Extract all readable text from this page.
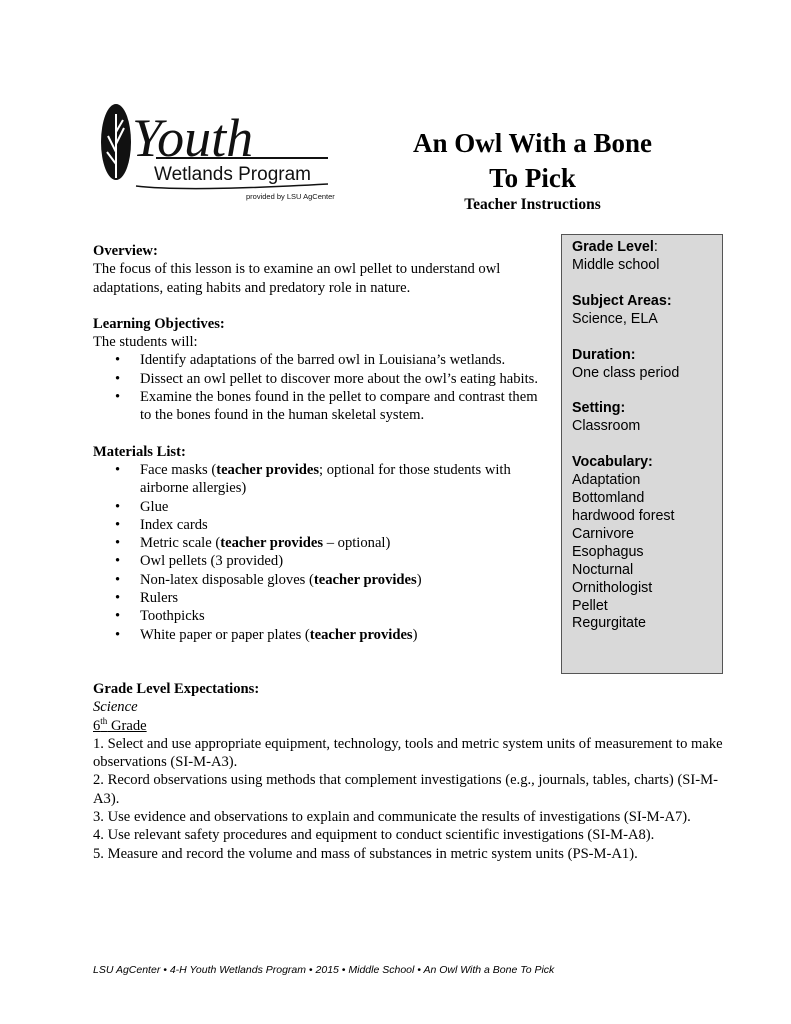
Youth
Wetlands Program
provided by LSU AgCenter
An Owl With a Bone
To Pick
Teacher Instructions
Grade Level:
Middle school
Subject Areas:
Science, ELA
Duration:
One class period
Setting:
Classroom
Vocabulary:
Adaptation
Bottomland
hardwood forest
Carnivore
Esophagus
Nocturnal
Ornithologist
Pellet
Regurgitate
Overview:
The focus of this lesson is to examine an owl pellet to understand owl adaptations, eating habits and predatory role in nature.
Learning Objectives:
The students will:
• Identify adaptations of the barred owl in Louisiana’s wetlands.
• Dissect an owl pellet to discover more about the owl’s eating habits.
• Examine the bones found in the pellet to compare and contrast them to the bones found in the human skeletal system.
Materials List:
• Face masks (teacher provides; optional for those students with airborne allergies)
• Glue
• Index cards
• Metric scale (teacher provides – optional)
• Owl pellets (3 provided)
• Non-latex disposable gloves (teacher provides)
• Rulers
• Toothpicks
• White paper or paper plates (teacher provides)
Grade Level Expectations:
Science
6th Grade
1. Select and use appropriate equipment, technology, tools and metric system units of measurement to make observations (SI-M-A3).
2. Record observations using methods that complement investigations (e.g., journals, tables, charts) (SI-M-A3).
3. Use evidence and observations to explain and communicate the results of investigations (SI-M-A7).
4. Use relevant safety procedures and equipment to conduct scientific investigations (SI-M-A8).
5. Measure and record the volume and mass of substances in metric system units (PS-M-A1).
LSU AgCenter • 4-H Youth Wetlands Program • 2015 • Middle School • An Owl With a Bone To Pick
